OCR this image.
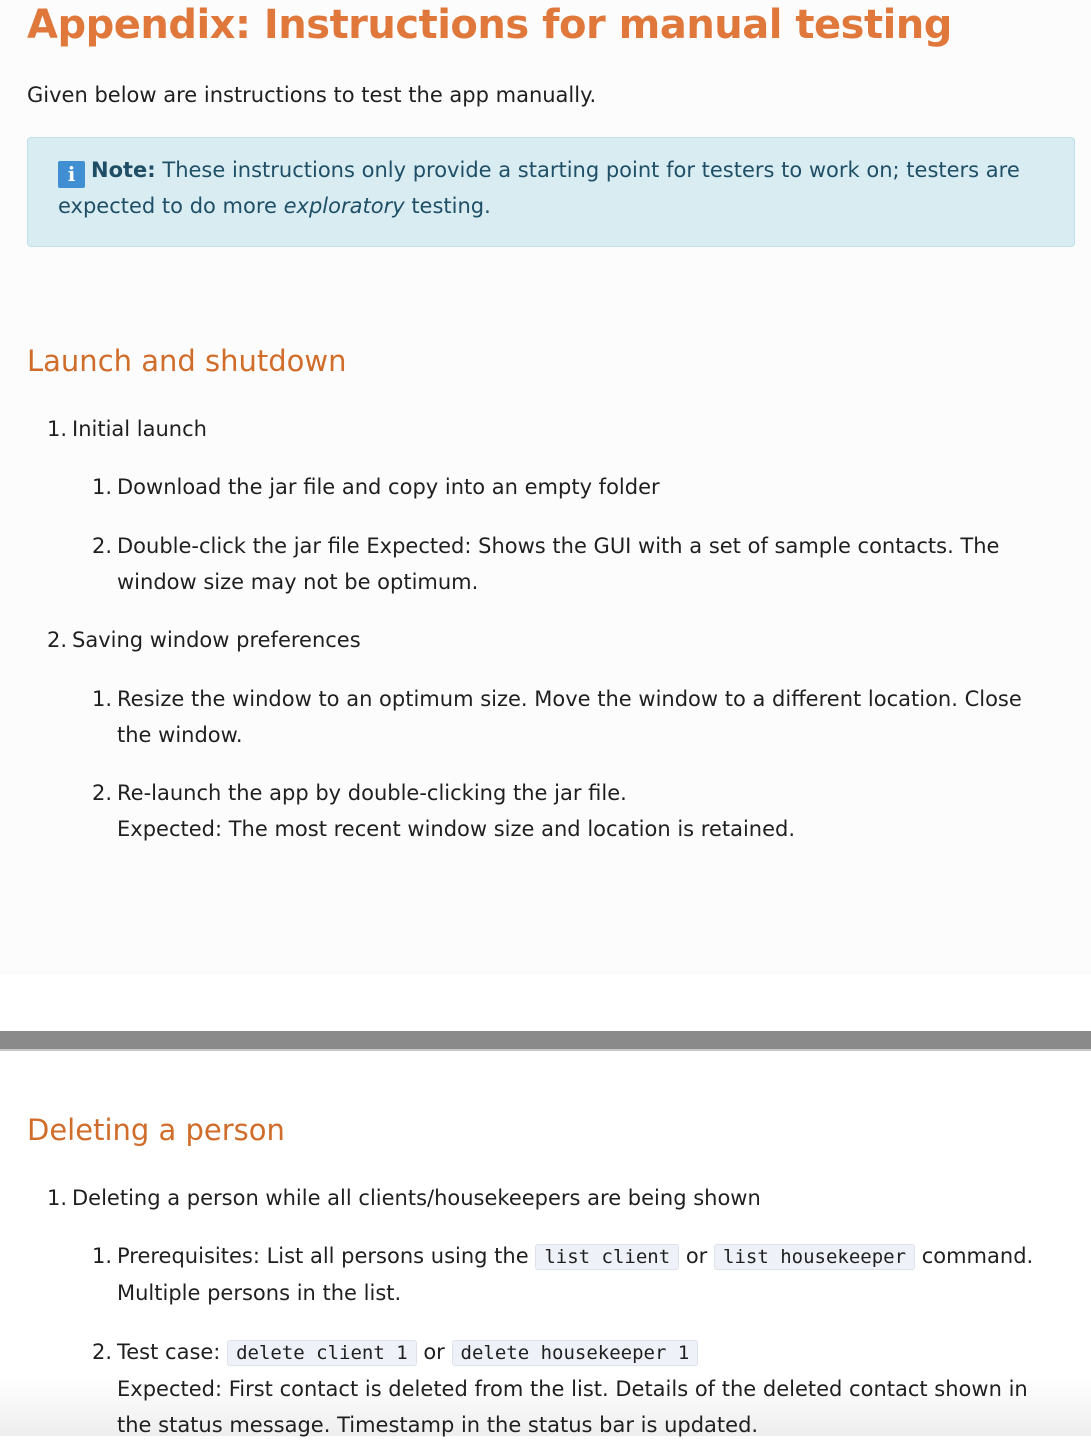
Appendix: Instructions for manual testing

Given below are instructions to test the app manually.

i Note: These instructions only provide a starting point for testers to work on; testers are
expected to do more exploratory testing.
Launch and shutdown
1. Initial launch
1. Download the jar file and copy into an empty folder
2. Double-click the jar file Expected: Shows the GUI with a set of sample contacts. The
window size may not be optimum.
2. Saving window preferences
1. Resize the window to an optimum size. Move the window to a different location. Close
the window.
2. Re-launch the app by double-clicking the jar file.
Expected: The most recent window size and location is retained.
Deleting a person
1. Deleting a person while all clients/housekeepers are being shown
1. Prerequisites: List all persons using the list client or list housekeeper command.
Multiple persons in the list.
2. Test case: delete client 1 or delete housekeeper 1
Expected: First contact is deleted from the list. Details of the deleted contact shown in
the status message. Timestamp in the status bar is updated.
